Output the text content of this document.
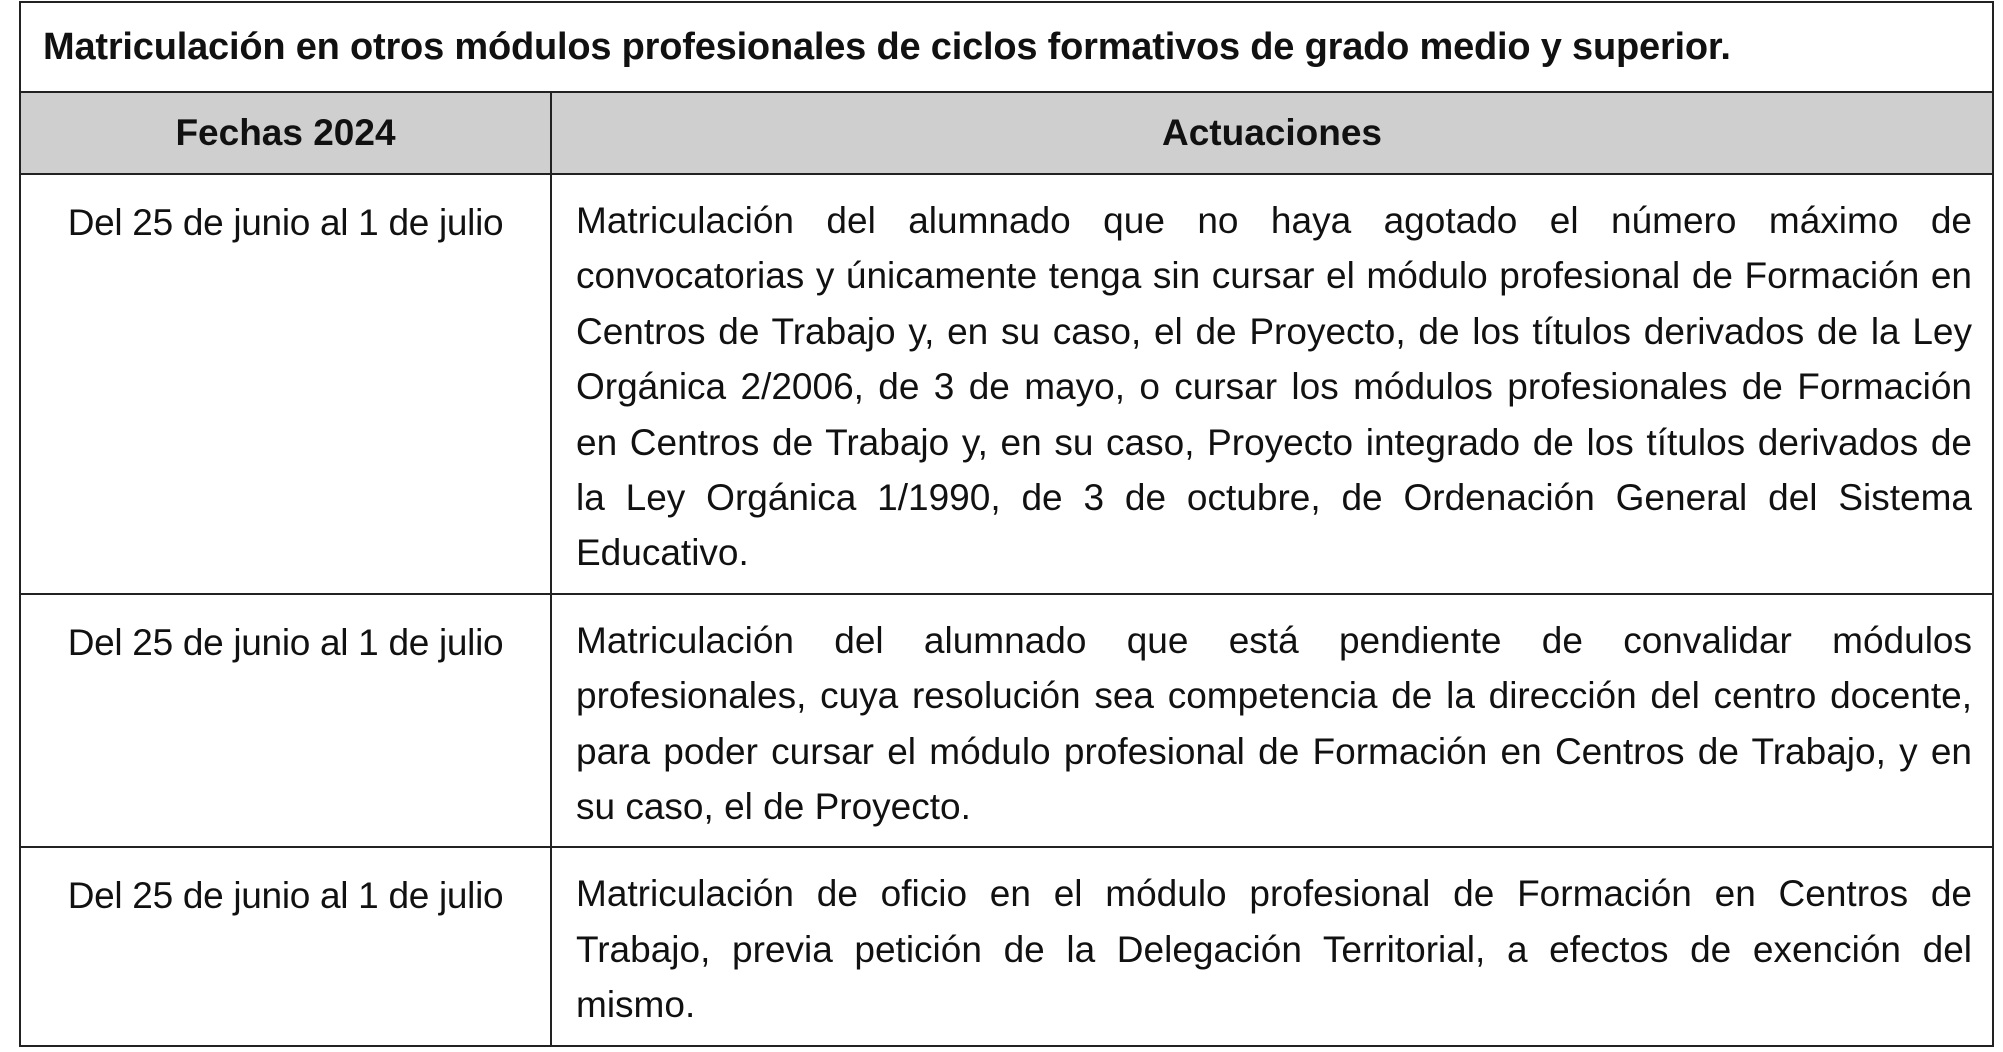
Matriculación en otros módulos profesionales de ciclos formativos de grado medio y superior.	
Fechas 2024	Actuaciones
Del 25 de junio al 1 de julio	Matriculación del alumnado que no haya agotado el número máximo de convocatorias y únicamente tenga sin cursar el módulo profesional de Formación en Centros de Trabajo y, en su caso, el de Proyecto, de los títulos derivados de la Ley Orgánica 2/2006, de 3 de mayo, o cursar los módulos profesionales de Formación en Centros de Trabajo y, en su caso, Proyecto integrado de los títulos derivados de la Ley Orgánica 1/1990, de 3 de octubre, de Ordenación General del Sistema Educativo.
Del 25 de junio al 1 de julio	Matriculación del alumnado que está pendiente de convalidar módulos profesionales, cuya resolución sea competencia de la dirección del centro docente, para poder cursar el módulo profesional de Formación en Centros de Trabajo, y en su caso, el de Proyecto.
Del 25 de junio al 1 de julio	Matriculación de oficio en el módulo profesional de Formación en Centros de Trabajo, previa petición de la Delegación Territorial, a efectos de exención del mismo.
